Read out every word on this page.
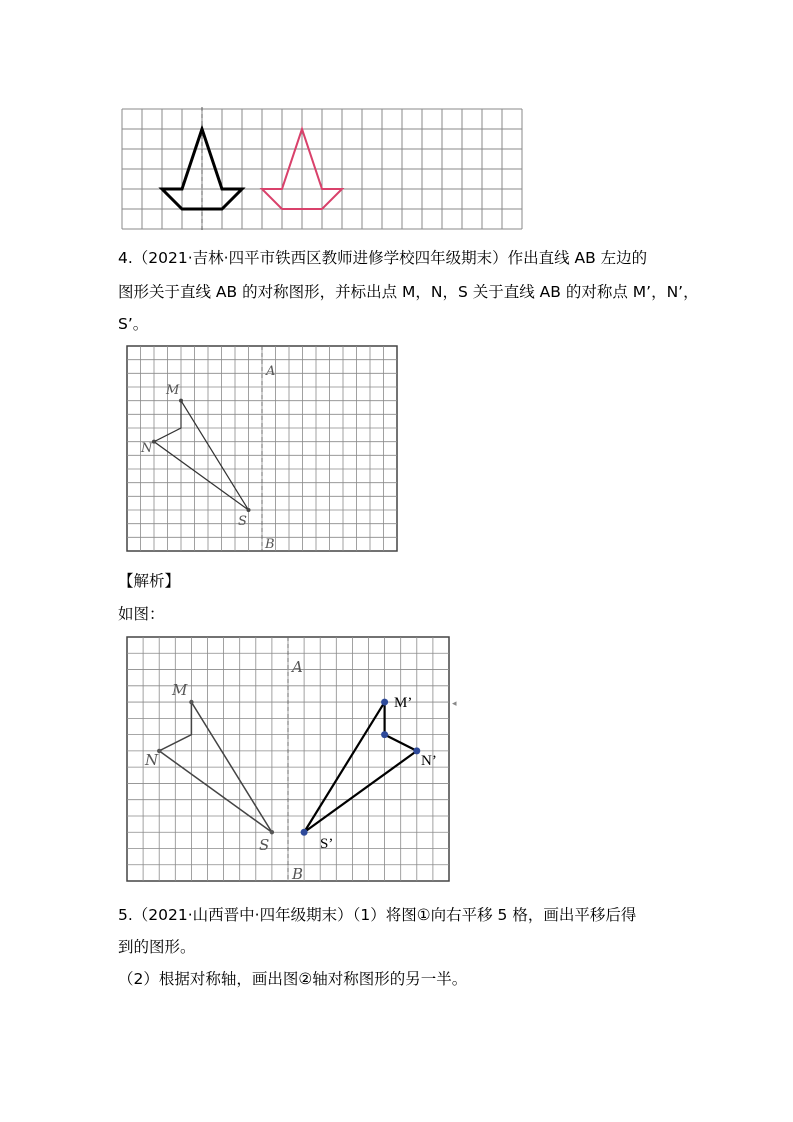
4.（2021·吉林·四平市铁西区教师进修学校四年级期末）作出直线 AB 左边的
图形关于直线 AB 的对称图形，并标出点 M，N，S 关于直线 AB 的对称点 M’，N’，
S’。
A
B
M
N
S
【解析】
如图：
A
B
M
N
S
M’
N’
S’
◂
5.（2021·山西晋中·四年级期末）（1）将图①向右平移 5 格，画出平移后得
到的图形。
（2）根据对称轴，画出图②轴对称图形的另一半。
